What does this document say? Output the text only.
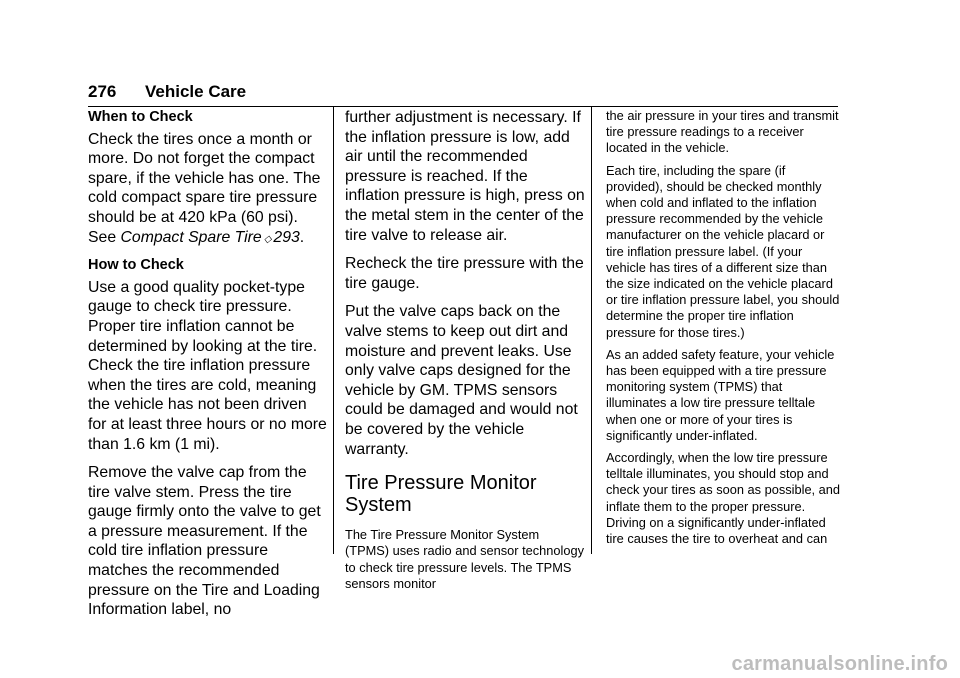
276 Vehicle Care

When to Check

Check the tires once a month or more. Do not forget the compact spare, if the vehicle has one. The cold compact spare tire pressure should be at 420 kPa (60 psi). See Compact Spare Tire ◇ 293.

How to Check

Use a good quality pocket-type gauge to check tire pressure. Proper tire inflation cannot be determined by looking at the tire. Check the tire inflation pressure when the tires are cold, meaning the vehicle has not been driven for at least three hours or no more than 1.6 km (1 mi).

Remove the valve cap from the tire valve stem. Press the tire gauge firmly onto the valve to get a pressure measurement. If the cold tire inflation pressure matches the recommended pressure on the Tire and Loading Information label, no

further adjustment is necessary. If the inflation pressure is low, add air until the recommended pressure is reached. If the inflation pressure is high, press on the metal stem in the center of the tire valve to release air.

Recheck the tire pressure with the tire gauge.

Put the valve caps back on the valve stems to keep out dirt and moisture and prevent leaks. Use only valve caps designed for the vehicle by GM. TPMS sensors could be damaged and would not be covered by the vehicle warranty.

Tire Pressure Monitor System

The Tire Pressure Monitor System (TPMS) uses radio and sensor technology to check tire pressure levels. The TPMS sensors monitor

the air pressure in your tires and transmit tire pressure readings to a receiver located in the vehicle.

Each tire, including the spare (if provided), should be checked monthly when cold and inflated to the inflation pressure recommended by the vehicle manufacturer on the vehicle placard or tire inflation pressure label. (If your vehicle has tires of a different size than the size indicated on the vehicle placard or tire inflation pressure label, you should determine the proper tire inflation pressure for those tires.)

As an added safety feature, your vehicle has been equipped with a tire pressure monitoring system (TPMS) that illuminates a low tire pressure telltale when one or more of your tires is significantly under-inflated.

Accordingly, when the low tire pressure telltale illuminates, you should stop and check your tires as soon as possible, and inflate them to the proper pressure. Driving on a significantly under-inflated tire causes the tire to overheat and can

carmanualsonline.info
